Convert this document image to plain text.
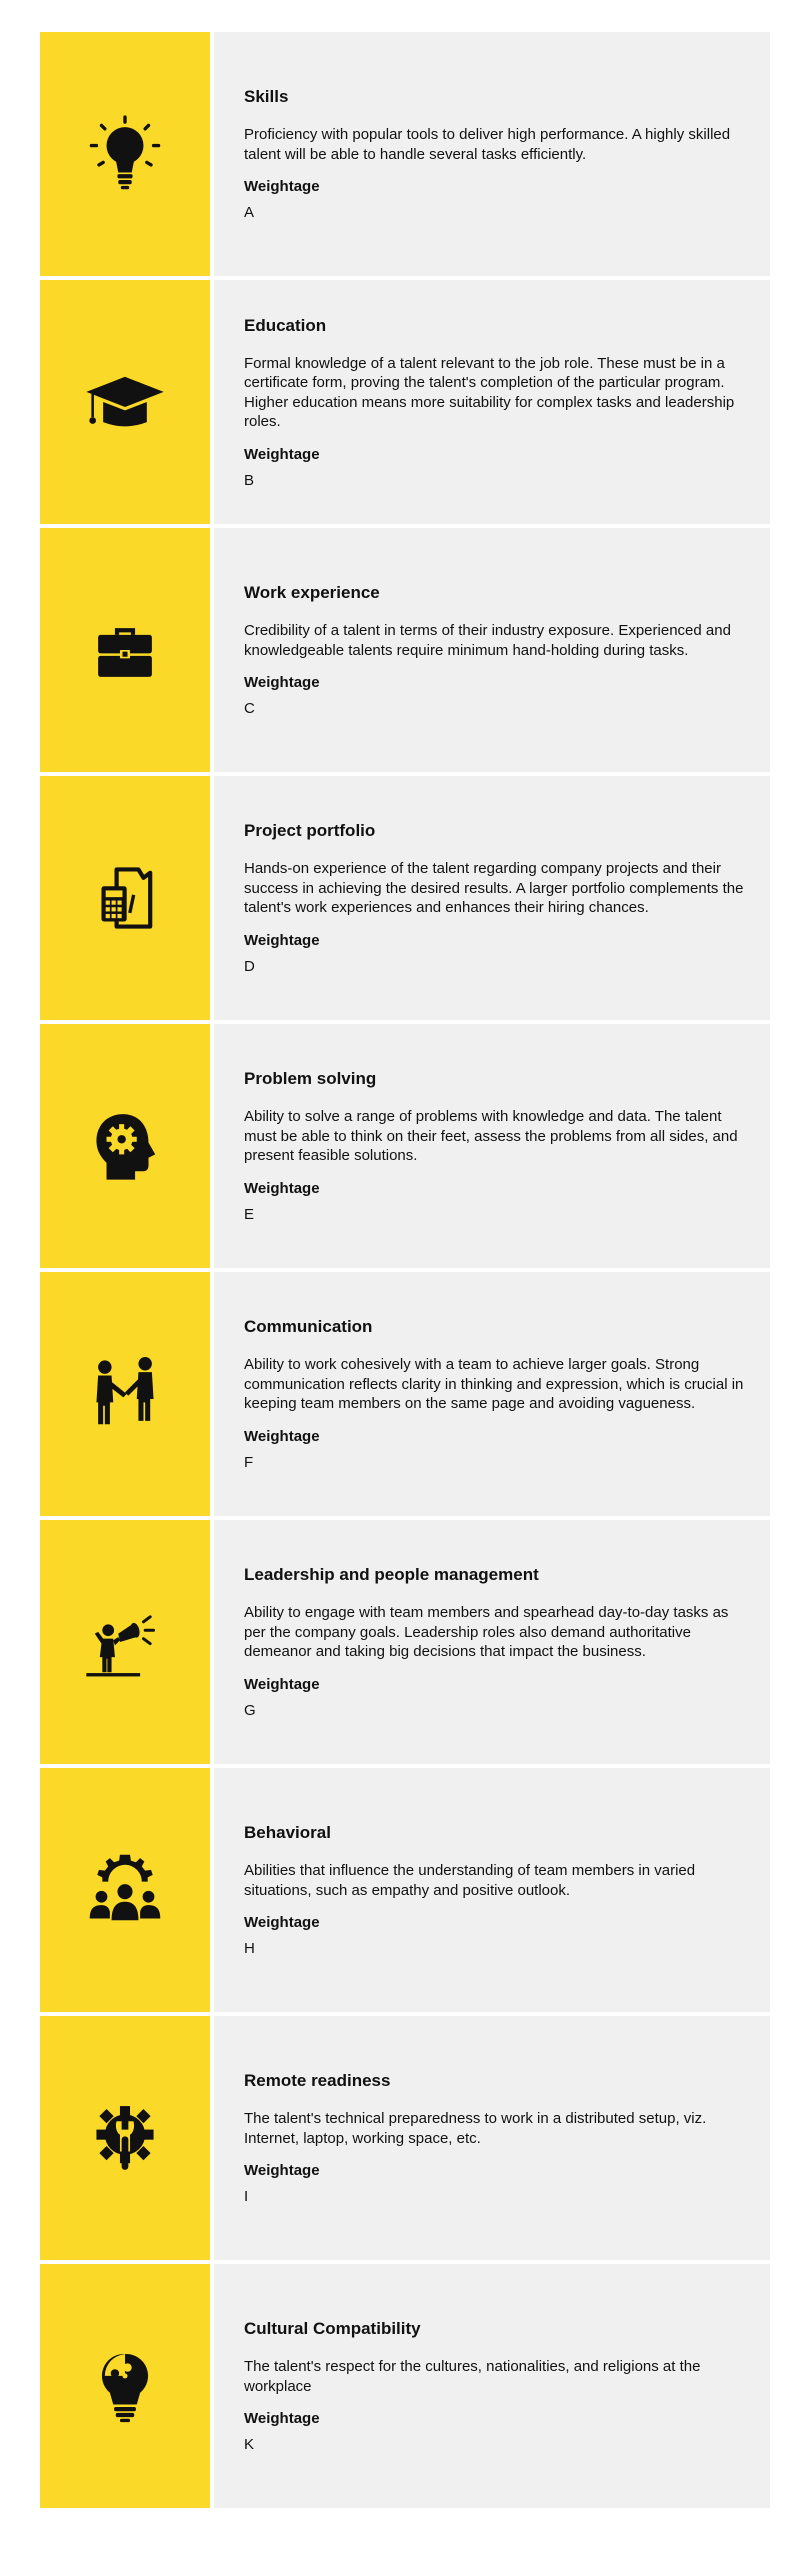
Skills
Proficiency with popular tools to deliver high performance. A highly skilled talent will be able to handle several tasks efficiently.
Weightage
A
Education
Formal knowledge of a talent relevant to the job role. These must be in a certificate form, proving the talent's completion of the particular program. Higher education means more suitability for complex tasks and leadership roles.
Weightage
B
Work experience
Credibility of a talent in terms of their industry exposure. Experienced and knowledgeable talents require minimum hand-holding during tasks.
Weightage
C
Project portfolio
Hands-on experience of the talent regarding company projects and their success in achieving the desired results. A larger portfolio complements the talent's work experiences and enhances their hiring chances.
Weightage
D
Problem solving
Ability to solve a range of problems with knowledge and data. The talent must be able to think on their feet, assess the problems from all sides, and present feasible solutions.
Weightage
E
Communication
Ability to work cohesively with a team to achieve larger goals. Strong communication reflects clarity in thinking and expression, which is crucial in keeping team members on the same page and avoiding vagueness.
Weightage
F
Leadership and people management
Ability to engage with team members and spearhead day-to-day tasks as per the company goals. Leadership roles also demand authoritative demeanor and taking big decisions that impact the business.
Weightage
G
Behavioral
Abilities that influence the understanding of team members in varied situations, such as empathy and positive outlook.
Weightage
H
Remote readiness
The talent's technical preparedness to work in a distributed setup, viz. Internet, laptop, working space, etc.
Weightage
I
Cultural Compatibility
The talent's respect for the cultures, nationalities, and religions at the workplace
Weightage
K
